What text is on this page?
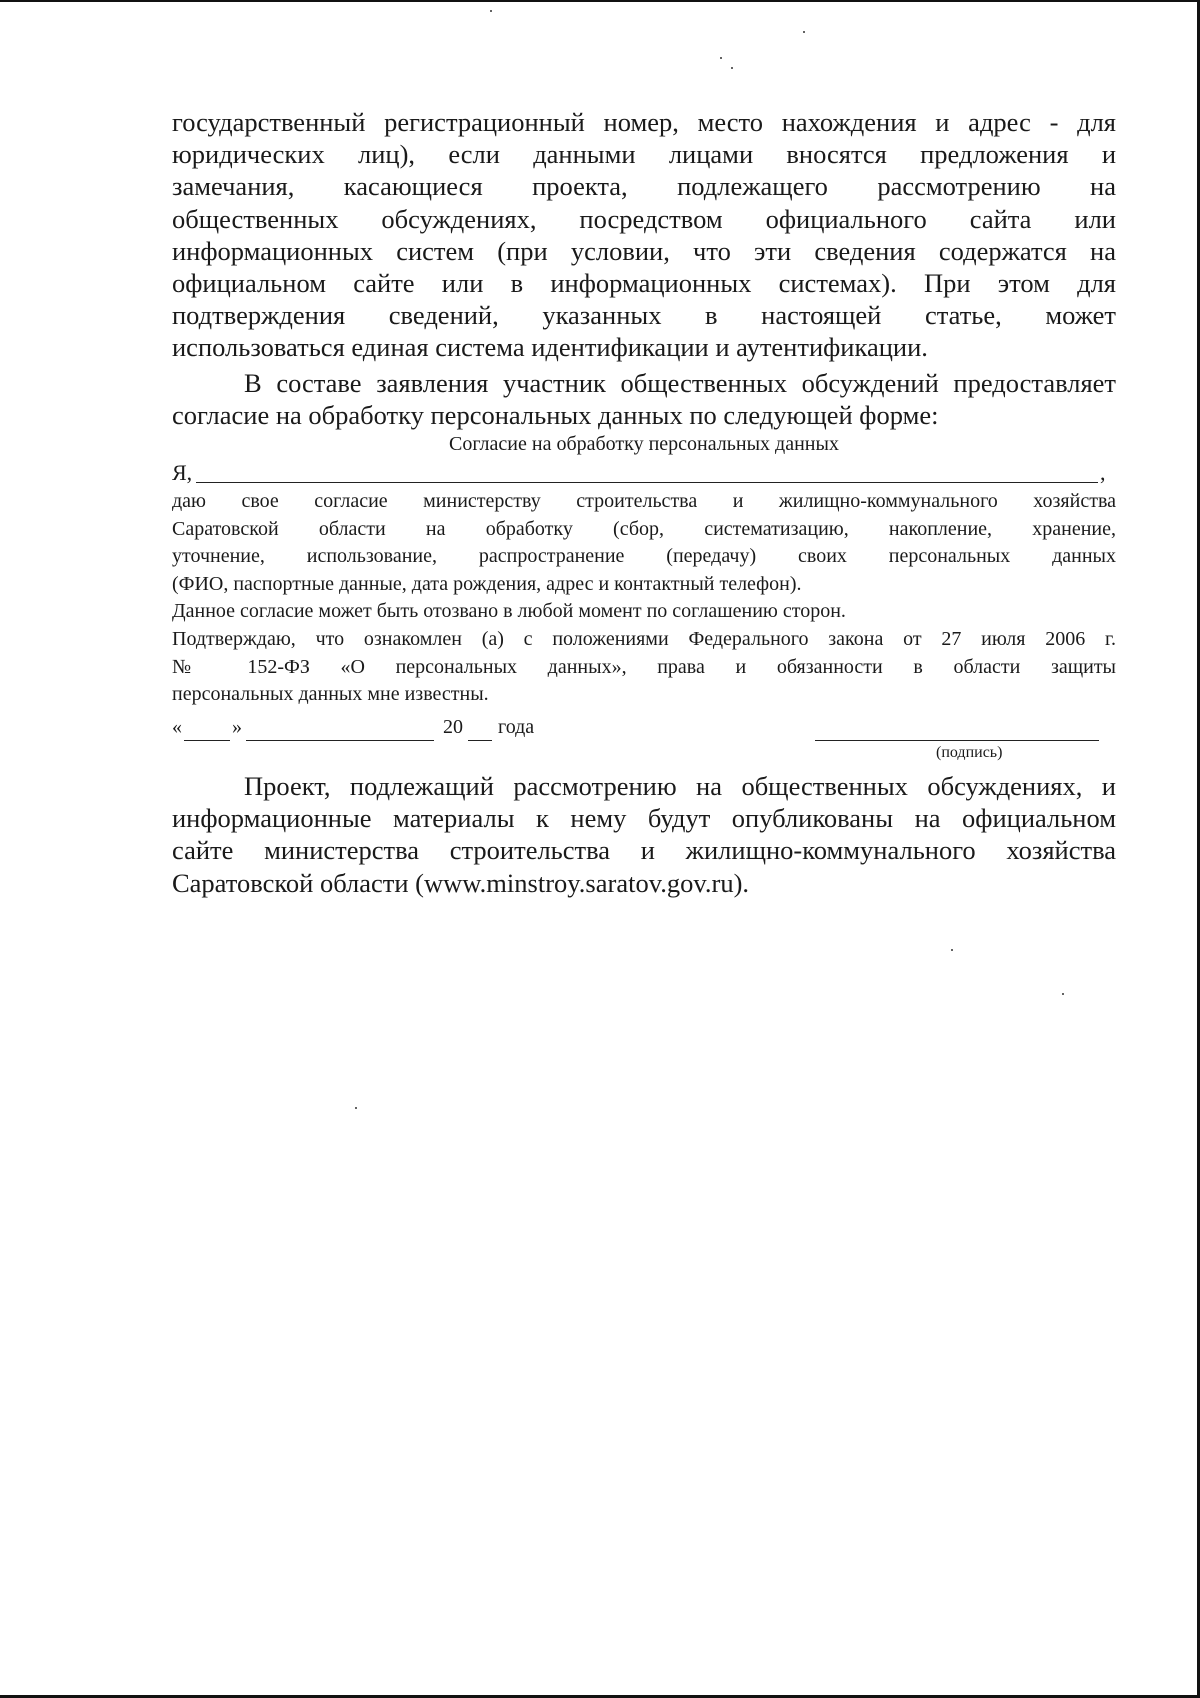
государственный регистрационный номер, место нахождения и адрес - для
юридических лиц), если данными лицами вносятся предложения и
замечания, касающиеся проекта, подлежащего рассмотрению на
общественных обсуждениях, посредством официального сайта или
информационных систем (при условии, что эти сведения содержатся на
официальном сайте или в информационных системах). При этом для
подтверждения сведений, указанных в настоящей статье, может
использоваться единая система идентификации и аутентификации.

В составе заявления участник общественных обсуждений предоставляет
согласие на обработку персональных данных по следующей форме:

Согласие на обработку персональных данных
Я,	,

даю свое согласие министерству строительства и жилищно-коммунального хозяйства
Саратовской области на обработку (сбор, систематизацию, накопление, хранение,
уточнение, использование, распространение (передачу) своих персональных данных
(ФИО, паспортные данные, дата рождения, адрес и контактный телефон).
Данное согласие может быть отозвано в любой момент по соглашению сторон.
Подтверждаю, что ознакомлен (а) с положениями Федерального закона от 27 июля 2006 г.
№ 152-ФЗ «О персональных данных», права и обязанности в области защиты
персональных данных мне известны.

«	»	20 года
(подпись)

Проект, подлежащий рассмотрению на общественных обсуждениях, и
информационные материалы к нему будут опубликованы на официальном
сайте министерства строительства и жилищно-коммунального хозяйства
Саратовской области (www.minstroy.saratov.gov.ru).
